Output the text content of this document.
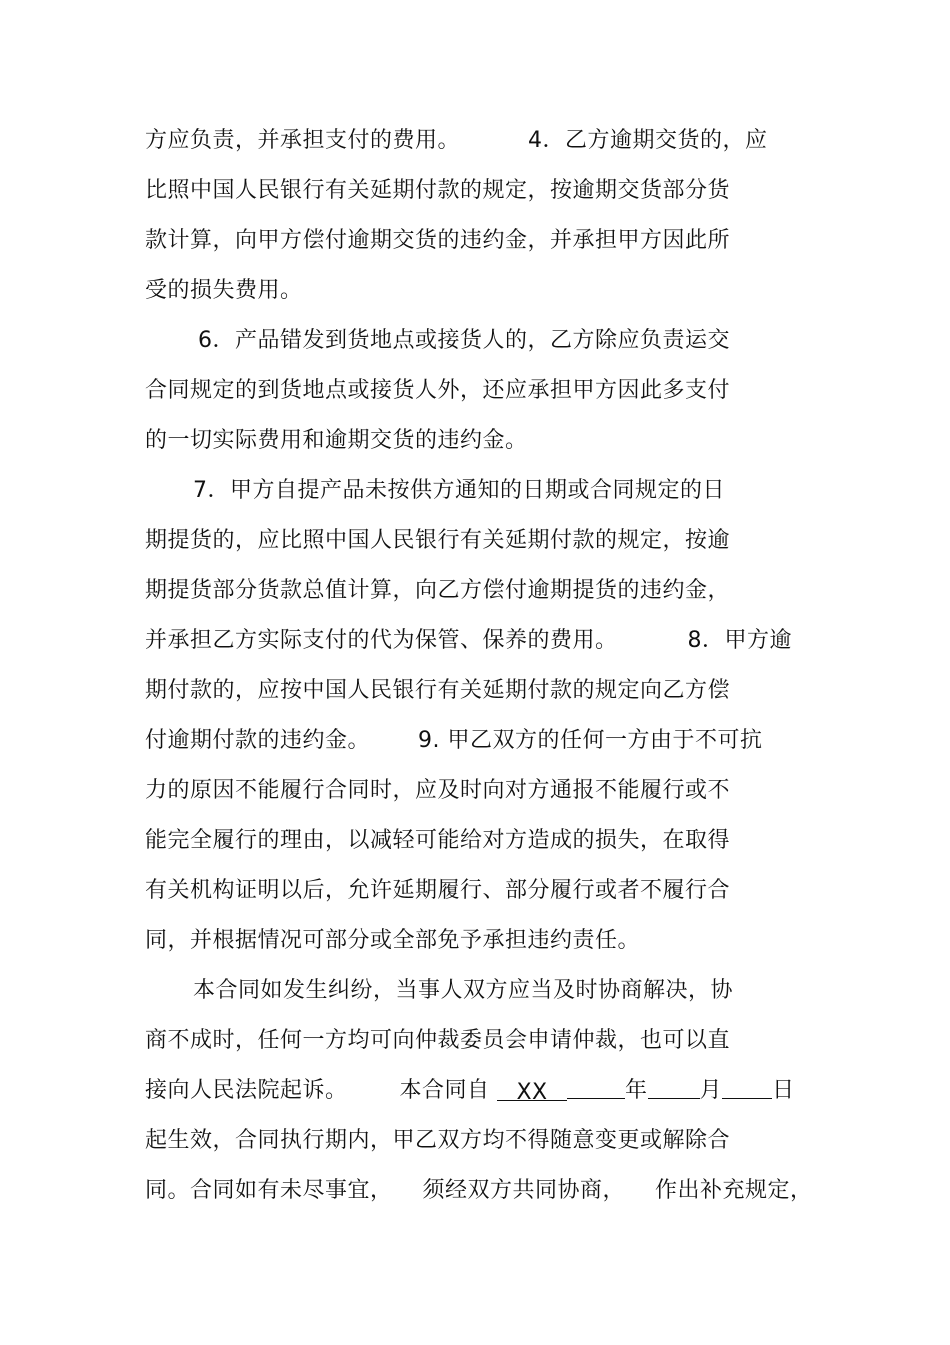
方应负责，并承担支付的费用。	4．乙方逾期交货的，应
比照中国人民银行有关延期付款的规定，按逾期交货部分货
款计算，向甲方偿付逾期交货的违约金，并承担甲方因此所
受的损失费用。
6．产品错发到货地点或接货人的，乙方除应负责运交
合同规定的到货地点或接货人外，还应承担甲方因此多支付
的一切实际费用和逾期交货的违约金。
7．甲方自提产品未按供方通知的日期或合同规定的日
期提货的，应比照中国人民银行有关延期付款的规定，按逾
期提货部分货款总值计算，向乙方偿付逾期提货的违约金，
并承担乙方实际支付的代为保管、保养的费用。	8．甲方逾
期付款的，应按中国人民银行有关延期付款的规定向乙方偿
付逾期付款的违约金。 9. 甲乙双方的任何一方由于不可抗
力的原因不能履行合同时，应及时向对方通报不能履行或不
能完全履行的理由，以减轻可能给对方造成的损失，在取得
有关机构证明以后，允许延期履行、部分履行或者不履行合
同，并根据情况可部分或全部免予承担违约责任。
本合同如发生纠纷，当事人双方应当及时协商解决，协
商不成时，任何一方均可向仲裁委员会申请仲裁，也可以直
接向人民法院起诉。 本合同自 XX	年 月 日
起生效，合同执行期内，甲乙双方均不得随意变更或解除合
同。合同如有未尽事宜， 须经双方共同协商， 作出补充规定，
